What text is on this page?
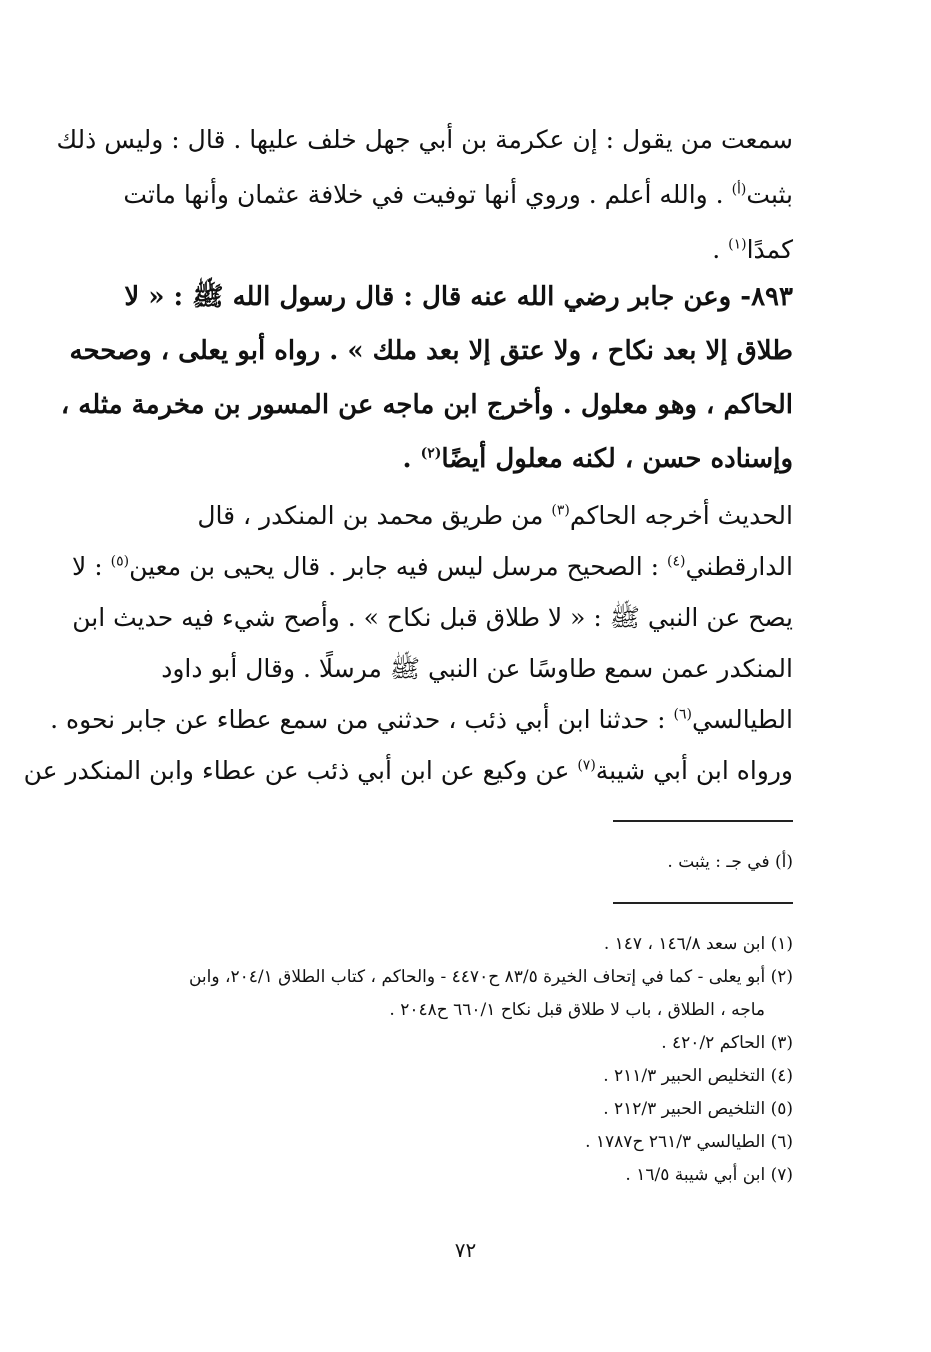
سمعت من يقول : إن عكرمة بن أبي جهل خلف عليها . قال : وليس ذلك
بثبت$^{(أ)}$ . والله أعلم . وروي أنها توفيت في خلافة عثمان وأنها ماتت
كمدًا$^{(١)}$ .
٨٩٣- وعن جابر رضي الله عنه قال : قال رسول الله ﷺ : « لا
طلاق إلا بعد نكاح ، ولا عتق إلا بعد ملك » . رواه أبو يعلى ، وصححه
الحاكم ، وهو معلول . وأخرج ابن ماجه عن المسور بن مخرمة مثله ،
وإسناده حسن ، لكنه معلول أيضًا$^{(٢)}$ .
الحديث أخرجه الحاكم$^{(٣)}$ من طريق محمد بن المنكدر ، قال
الدارقطني$^{(٤)}$ : الصحيح مرسل ليس فيه جابر . قال يحيى بن معين$^{(٥)}$ : لا
يصح عن النبي ﷺ : « لا طلاق قبل نكاح » . وأصح شيء فيه حديث ابن
المنكدر عمن سمع طاوسًا عن النبي ﷺ مرسلًا . وقال أبو داود
الطيالسي$^{(٦)}$ : حدثنا ابن أبي ذئب ، حدثني من سمع عطاء عن جابر نحوه .
ورواه ابن أبي شيبة$^{(٧)}$ عن وكيع عن ابن أبي ذئب عن عطاء وابن المنكدر عن
(أ) في جـ : يثبت .
(١) ابن سعد ١٤٦/٨ ، ١٤٧ .
(٢) أبو يعلى - كما في إتحاف الخيرة ٨٣/٥ ح٤٤٧٠ - والحاكم ، كتاب الطلاق ٢٠٤/١، وابن
ماجه ، الطلاق ، باب لا طلاق قبل نكاح ٦٦٠/١ ح٢٠٤٨ .
(٣) الحاكم ٤٢٠/٢ .
(٤) التخليص الحبير ٢١١/٣ .
(٥) التلخيص الحبير ٢١٢/٣ .
(٦) الطيالسي ٢٦١/٣ ح١٧٨٧ .
(٧) ابن أبي شيبة ١٦/٥ .
٧٢
